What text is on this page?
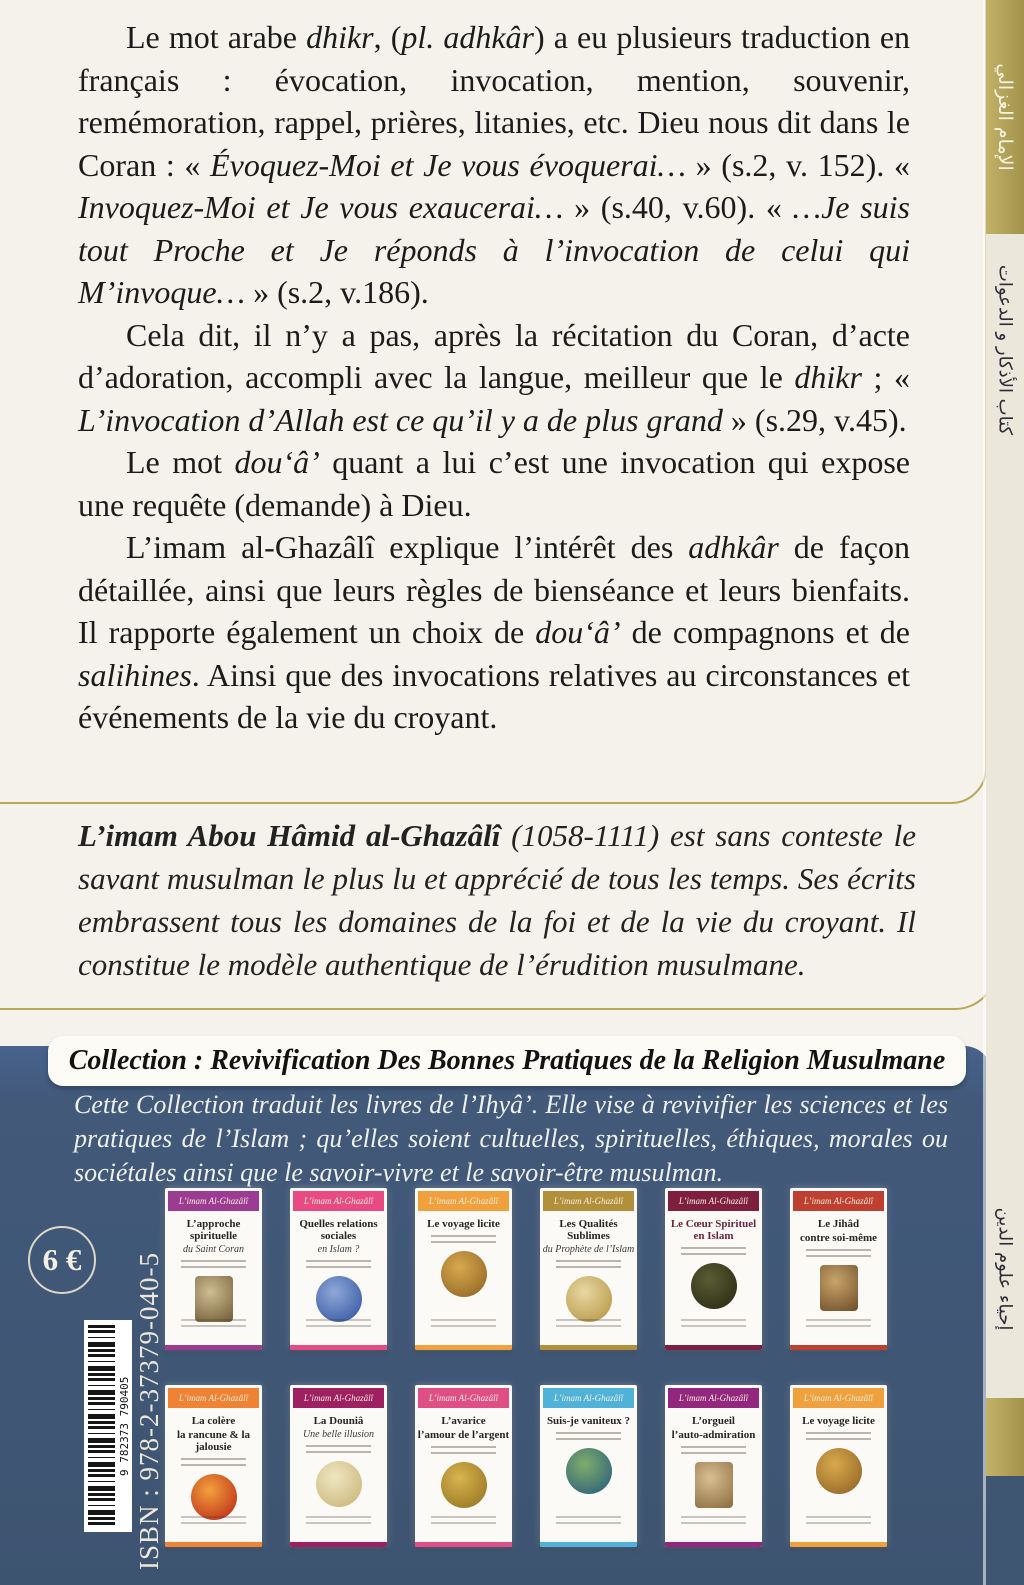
Le mot arabe dhikr, (pl. adhkâr) a eu plusieurs traduction en français : évocation, invocation, mention, souvenir, remémoration, rappel, prières, litanies, etc. Dieu nous dit dans le Coran : « Évoquez-Moi et Je vous évoquerai… » (s.2, v. 152). « Invoquez-Moi et Je vous exaucerai… » (s.40, v.60). « …Je suis tout Proche et Je réponds à l’invocation de celui qui M’invoque… » (s.2, v.186).

Cela dit, il n’y a pas, après la récitation du Coran, d’acte d’adoration, accompli avec la langue, meilleur que le dhikr ; « L’invocation d’Allah est ce qu’il y a de plus grand » (s.29, v.45).

Le mot dou‘â’ quant a lui c’est une invocation qui expose une requête (demande) à Dieu.

L’imam al-Ghazâlî explique l’intérêt des adhkâr de façon détaillée, ainsi que leurs règles de bienséance et leurs bienfaits. Il rapporte également un choix de dou‘â’ de compagnons et de salihines. Ainsi que des invocations relatives au circonstances et événements de la vie du croyant.

L’imam Abou Hâmid al-Ghazâlî (1058-1111) est sans conteste le savant musulman le plus lu et apprécié de tous les temps. Ses écrits embrassent tous les domaines de la foi et de la vie du croyant. Il constitue le modèle authentique de l’érudition musulmane.
Collection : Revivification Des Bonnes Pratiques de la Religion Musulmane
Cette Collection traduit les livres de l’Ihyâ’. Elle vise à revivifier les sciences et les pratiques de l’Islam ; qu’elles soient cultuelles, spirituelles, éthiques, morales ou sociétales ainsi que le savoir-vivre et le savoir-être musulman.
L’imam Al-Ghazâlî
L’approche spirituelle
du Saint Coran
L’imam Al-Ghazâlî
Quelles relations sociales
en Islam ?
L’imam Al-Ghazâlî
Le voyage licite
L’imam Al-Ghazâlî
Les Qualités Sublimes
du Prophète de l’Islam
L’imam Al-Ghazâlî
Le Cœur Spirituel en Islam
L’imam Al-Ghazâlî
Le Jihâd
contre soi-même
L’imam Al-Ghazâlî
La colère
la rancune & la jalousie
L’imam Al-Ghazâlî
La Douniâ
Une belle illusion
L’imam Al-Ghazâlî
L’avarice
l’amour de l’argent
L’imam Al-Ghazâlî
Suis-je vaniteux ?
L’imam Al-Ghazâlî
L’orgueil
l’auto-admiration
L’imam Al-Ghazâlî
Le voyage licite
6 €
9 782373 790405 ISBN : 978-2-37379-040-5
الإمام الغزالي
كتاب الأذكار و الدعوات
إحياء علوم الدين
